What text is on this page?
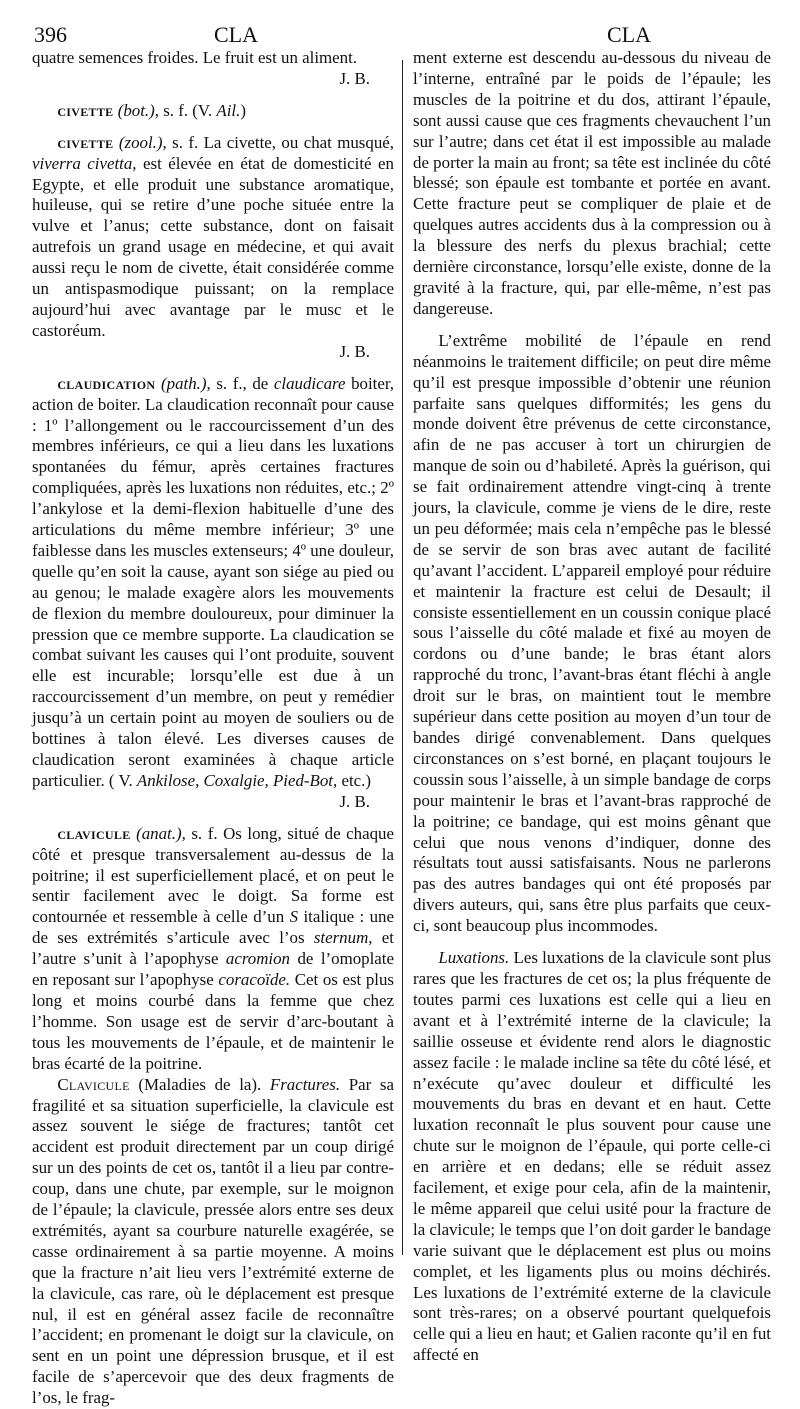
396	CLA	CLA

quatre semences froides. Le fruit est un aliment.

J. B.

civette (bot.), s. f. (V. Ail.)

civette (zool.), s. f. La civette, ou chat musqué, viverra civetta, est élevée en état de domesticité en Egypte, et elle produit une substance aromatique, huileuse, qui se retire d’une poche située entre la vulve et l’anus; cette substance, dont on faisait autrefois un grand usage en médecine, et qui avait aussi reçu le nom de civette, était considérée comme un antispasmodique puissant; on la remplace aujourd’hui avec avantage par le musc et le castoréum.

J. B.

claudication (path.), s. f., de claudicare boiter, action de boiter. La claudication reconnaît pour cause : 1º l’allongement ou le raccourcissement d’un des membres inférieurs, ce qui a lieu dans les luxations spontanées du fémur, après certaines fractures compliquées, après les luxations non réduites, etc.; 2º l’ankylose et la demi-flexion habituelle d’une des articulations du même membre inférieur; 3º une faiblesse dans les muscles extenseurs; 4º une douleur, quelle qu’en soit la cause, ayant son siége au pied ou au genou; le malade exagère alors les mouvements de flexion du membre douloureux, pour diminuer la pression que ce membre supporte. La claudication se combat suivant les causes qui l’ont produite, souvent elle est incurable; lorsqu’elle est due à un raccourcissement d’un membre, on peut y remédier jusqu’à un certain point au moyen de souliers ou de bottines à talon élevé. Les diverses causes de claudication seront examinées à chaque article particulier. ( V. Ankilose, Coxalgie, Pied-Bot, etc.)

J. B.

clavicule (anat.), s. f. Os long, situé de chaque côté et presque transversalement au-dessus de la poitrine; il est superficiellement placé, et on peut le sentir facilement avec le doigt. Sa forme est contournée et ressemble à celle d’un S italique : une de ses extrémités s’articule avec l’os sternum, et l’autre s’unit à l’apophyse acromion de l’omoplate en reposant sur l’apophyse coracoïde. Cet os est plus long et moins courbé dans la femme que chez l’homme. Son usage est de servir d’arc-boutant à tous les mouvements de l’épaule, et de maintenir le bras écarté de la poitrine.

Clavicule (Maladies de la). Fractures. Par sa fragilité et sa situation superficielle, la clavicule est assez souvent le siége de fractures; tantôt cet accident est produit directement par un coup dirigé sur un des points de cet os, tantôt il a lieu par contre-coup, dans une chute, par exemple, sur le moignon de l’épaule; la clavicule, pressée alors entre ses deux extrémités, ayant sa courbure naturelle exagérée, se casse ordinairement à sa partie moyenne. A moins que la fracture n’ait lieu vers l’extrémité externe de la clavicule, cas rare, où le déplacement est presque nul, il est en général assez facile de reconnaître l’accident; en promenant le doigt sur la clavicule, on sent en un point une dépression brusque, et il est facile de s’apercevoir que des deux fragments de l’os, le frag-

ment externe est descendu au-dessous du niveau de l’interne, entraîné par le poids de l’épaule; les muscles de la poitrine et du dos, attirant l’épaule, sont aussi cause que ces fragments chevauchent l’un sur l’autre; dans cet état il est impossible au malade de porter la main au front; sa tête est inclinée du côté blessé; son épaule est tombante et portée en avant. Cette fracture peut se compliquer de plaie et de quelques autres accidents dus à la compression ou à la blessure des nerfs du plexus brachial; cette dernière circonstance, lorsqu’elle existe, donne de la gravité à la fracture, qui, par elle-même, n’est pas dangereuse.

L’extrême mobilité de l’épaule en rend néanmoins le traitement difficile; on peut dire même qu’il est presque impossible d’obtenir une réunion parfaite sans quelques difformités; les gens du monde doivent être prévenus de cette circonstance, afin de ne pas accuser à tort un chirurgien de manque de soin ou d’habileté. Après la guérison, qui se fait ordinairement attendre vingt-cinq à trente jours, la clavicule, comme je viens de le dire, reste un peu déformée; mais cela n’empêche pas le blessé de se servir de son bras avec autant de facilité qu’avant l’accident. L’appareil employé pour réduire et maintenir la fracture est celui de Desault; il consiste essentiellement en un coussin conique placé sous l’aisselle du côté malade et fixé au moyen de cordons ou d’une bande; le bras étant alors rapproché du tronc, l’avant-bras étant fléchi à angle droit sur le bras, on maintient tout le membre supérieur dans cette position au moyen d’un tour de bandes dirigé convenablement. Dans quelques circonstances on s’est borné, en plaçant toujours le coussin sous l’aisselle, à un simple bandage de corps pour maintenir le bras et l’avant-bras rapproché de la poitrine; ce bandage, qui est moins gênant que celui que nous venons d’indiquer, donne des résultats tout aussi satisfaisants. Nous ne parlerons pas des autres bandages qui ont été proposés par divers auteurs, qui, sans être plus parfaits que ceux-ci, sont beaucoup plus incommodes.

Luxations. Les luxations de la clavicule sont plus rares que les fractures de cet os; la plus fréquente de toutes parmi ces luxations est celle qui a lieu en avant et à l’extrémité interne de la clavicule; la saillie osseuse et évidente rend alors le diagnostic assez facile : le malade incline sa tête du côté lésé, et n’exécute qu’avec douleur et difficulté les mouvements du bras en devant et en haut. Cette luxation reconnaît le plus souvent pour cause une chute sur le moignon de l’épaule, qui porte celle-ci en arrière et en dedans; elle se réduit assez facilement, et exige pour cela, afin de la maintenir, le même appareil que celui usité pour la fracture de la clavicule; le temps que l’on doit garder le bandage varie suivant que le déplacement est plus ou moins complet, et les ligaments plus ou moins déchirés. Les luxations de l’extrémité externe de la clavicule sont très-rares; on a observé pourtant quelquefois celle qui a lieu en haut; et Galien raconte qu’il en fut affecté en
